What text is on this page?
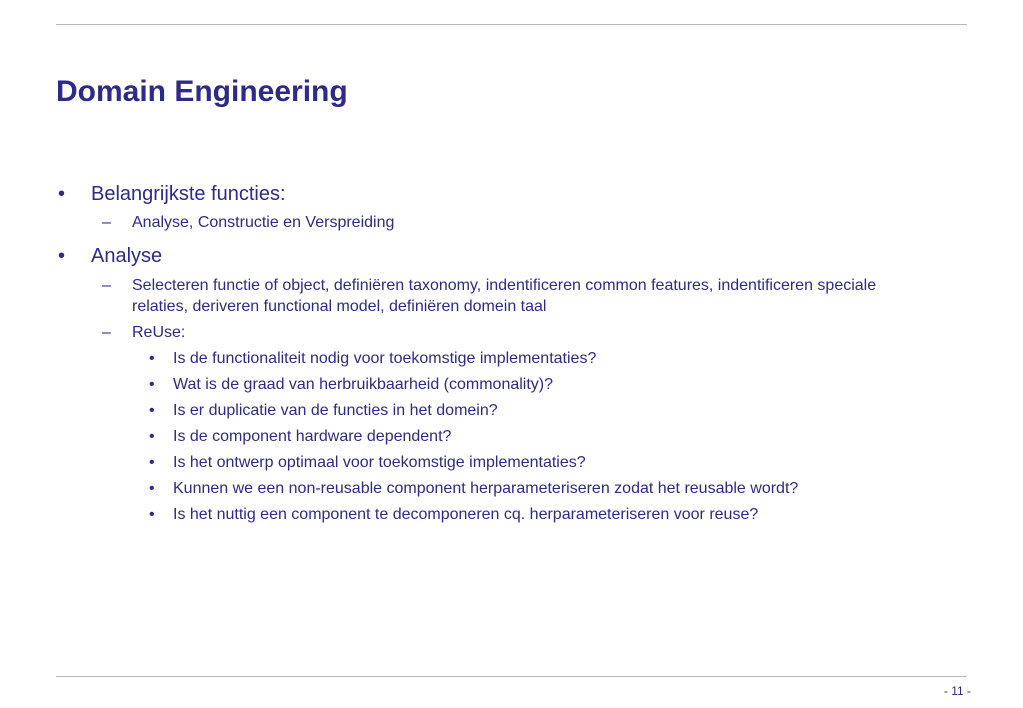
Domain Engineering
• Belangrijkste functies:
– Analyse, Constructie en Verspreiding
• Analyse
– Selecteren functie of object, definiëren taxonomy, indentificeren common features, indentificeren speciale relaties, deriveren functional model, definiëren domein taal
– ReUse:
• Is de functionaliteit nodig voor toekomstige implementaties?
• Wat is de graad van herbruikbaarheid (commonality)?
• Is er duplicatie van de functies in het domein?
• Is de component hardware dependent?
• Is het ontwerp optimaal voor toekomstige implementaties?
• Kunnen we een non-reusable component herparameteriseren zodat het reusable wordt?
• Is het nuttig een component te decomponeren cq. herparameteriseren voor reuse?
- 11 -
